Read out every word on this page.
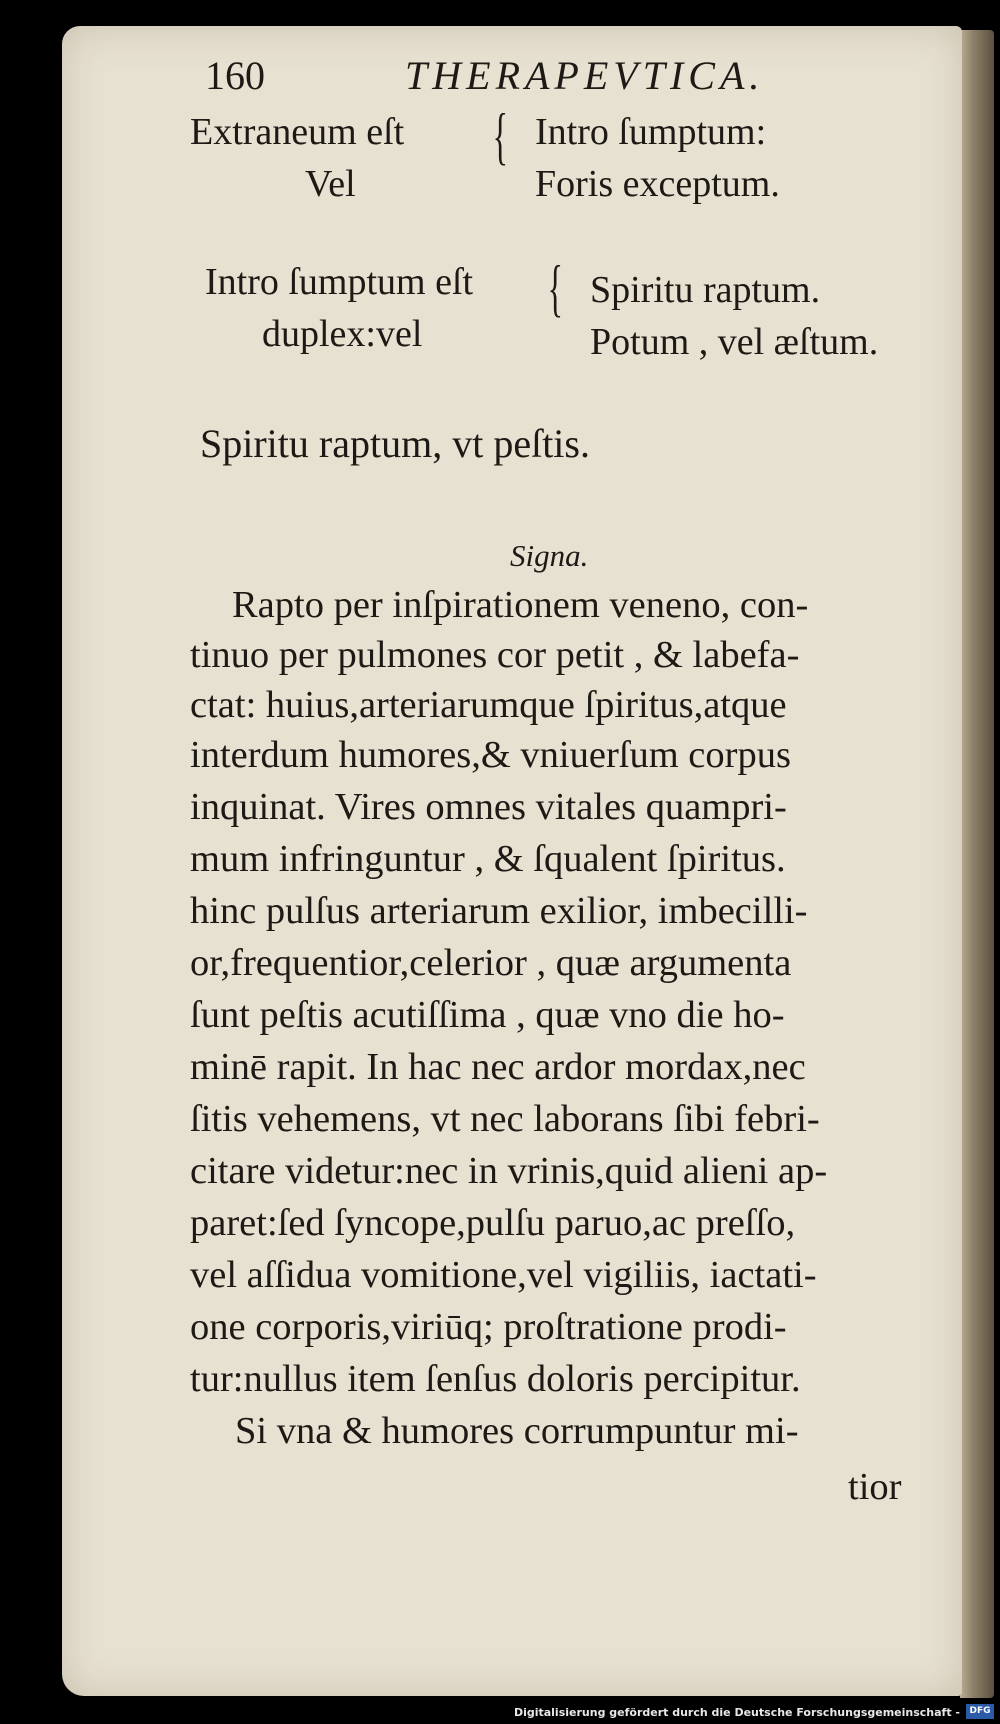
160	THERAPEVTICA.
Extraneum eſt
Vel
{ Intro ſumptum:
Foris exceptum.
Intro ſumptum eſt
duplex:vel
{ Spiritu raptum.
Potum , vel æſtum.
Spiritu raptum, vt peſtis.
Signa.
Rapto per inſpirationem veneno, con-
tinuo per pulmones cor petit , & labefa-
ctat: huius,arteriarumque ſpiritus,atque
interdum humores,& vniuerſum corpus
inquinat. Vires omnes vitales quampri-
mum infringuntur , & ſqualent ſpiritus.
hinc pulſus arteriarum exilior, imbecilli-
or,frequentior,celerior , quæ argumenta
ſunt peſtis acutiſſima , quæ vno die ho-
minē rapit. In hac nec ardor mordax,nec
ſitis vehemens, vt nec laborans ſibi febri-
citare videtur:nec in vrinis,quid alieni ap-
paret:ſed ſyncope,pulſu paruo,ac preſſo,
vel aſſidua vomitione,vel vigiliis, iactati-
one corporis,viriūq; proſtratione prodi-
tur:nullus item ſenſus doloris percipitur.
Si vna & humores corrumpuntur mi-
tior
Digitalisierung gefördert durch die Deutsche Forschungsgemeinschaft -	DFG
